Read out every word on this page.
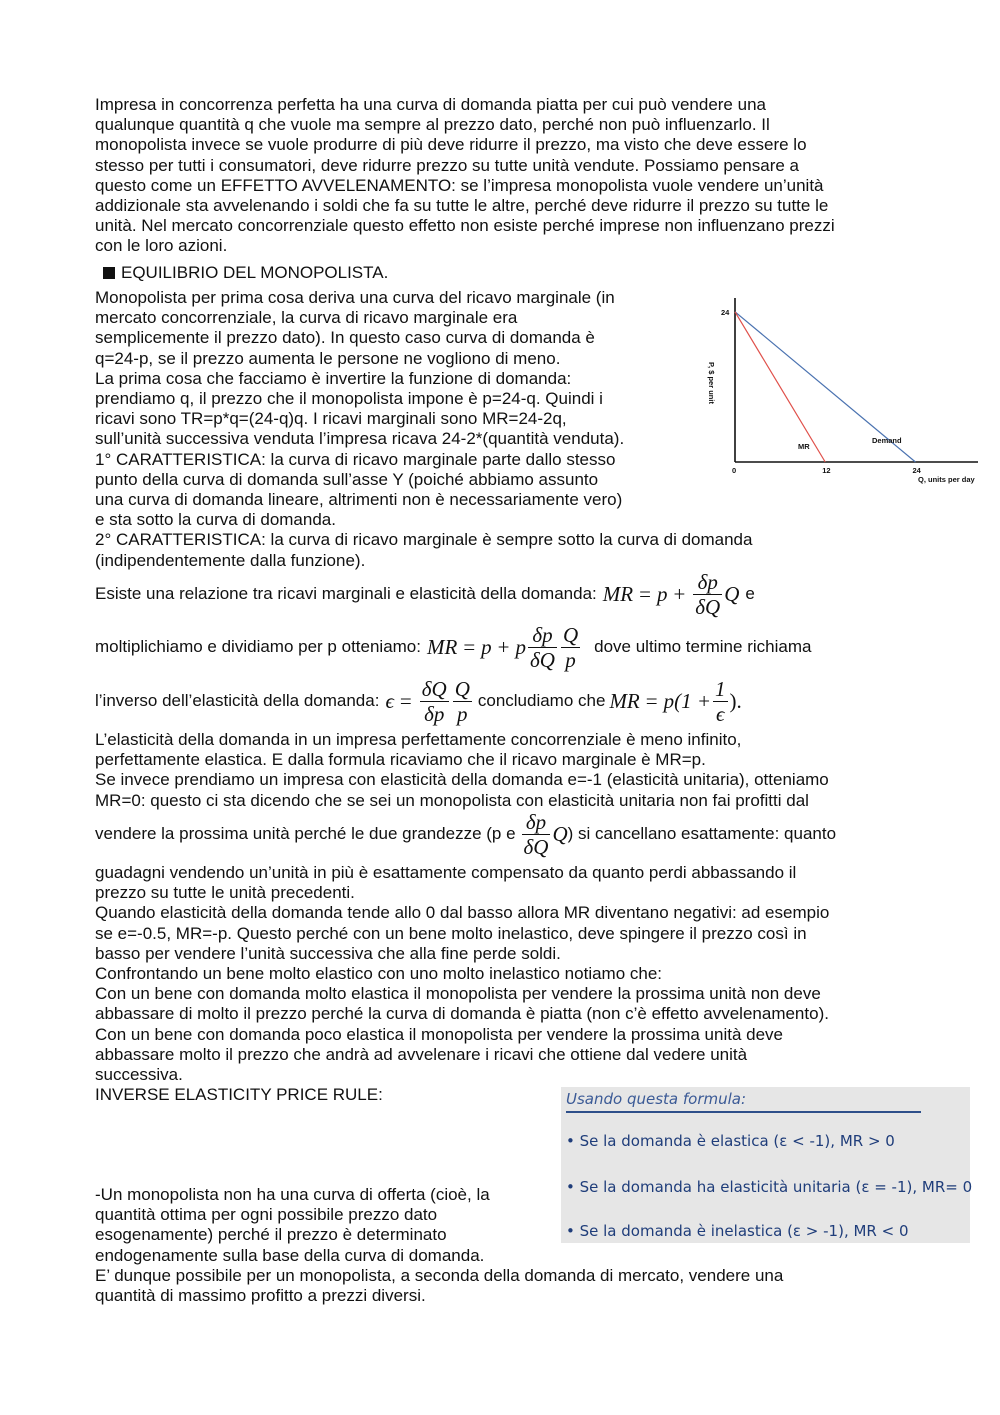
Impresa in concorrenza perfetta ha una curva di domanda piatta per cui può vendere una
qualunque quantità q che vuole ma sempre al prezzo dato, perché non può influenzarlo. Il
monopolista invece se vuole produrre di più deve ridurre il prezzo, ma visto che deve essere lo
stesso per tutti i consumatori, deve ridurre prezzo su tutte unità vendute. Possiamo pensare a
questo come un EFFETTO AVVELENAMENTO: se l’impresa monopolista vuole vendere un’unità
addizionale sta avvelenando i soldi che fa su tutte le altre, perché deve ridurre il prezzo su tutte le
unità. Nel mercato concorrenziale questo effetto non esiste perché imprese non influenzano prezzi
con le loro azioni.
EQUILIBRIO DEL MONOPOLISTA.
Monopolista per prima cosa deriva una curva del ricavo marginale (in
mercato concorrenziale, la curva di ricavo marginale era
semplicemente il prezzo dato). In questo caso curva di domanda è
q=24-p, se il prezzo aumenta le persone ne vogliono di meno.
La prima cosa che facciamo è invertire la funzione di domanda:
prendiamo q, il prezzo che il monopolista impone è p=24-q. Quindi i
ricavi sono TR=p*q=(24-q)q. I ricavi marginali sono MR=24-2q,
sull’unità successiva venduta l’impresa ricava 24-2*(quantità venduta).
1° CARATTERISTICA: la curva di ricavo marginale parte dallo stesso
punto della curva di domanda sull’asse Y (poiché abbiamo assunto
una curva di domanda lineare, altrimenti non è necessariamente vero)
e sta sotto la curva di domanda.
2° CARATTERISTICA: la curva di ricavo marginale è sempre sotto la curva di domanda
(indipendentemente dalla funzione).
0	12	24
24
Q, units per day
P, $ per unit
Demand
MR
Esiste una relazione tra ricavi marginali e elasticità della domanda: MR = $p + \frac{\delta p}{\delta Q}$ Q e
moltiplichiamo e dividiamo per p otteniamo: MR = p + p $\frac{\delta p}{\delta Q} \frac{Q}{p}$ dove ultimo termine richiama
l’inverso dell’elasticità della domanda: $\epsilon = \frac{\delta Q}{\delta p} \frac{Q}{p}$ concludiamo che MR = $p(1 + \frac{1}{\epsilon}$ ).
L’elasticità della domanda in un impresa perfettamente concorrenziale è meno infinito,
perfettamente elastica. E dalla formula ricaviamo che il ricavo marginale è MR=p.
Se invece prendiamo un impresa con elasticità della domanda e=-1 (elasticità unitaria), otteniamo
MR=0: questo ci sta dicendo che se sei un monopolista con elasticità unitaria non fai profitti dal
vendere la prossima unità perché le due grandezze (p e $\frac{\delta p}{\delta Q}$ Q ) si cancellano esattamente: quanto
guadagni vendendo un’unità in più è esattamente compensato da quanto perdi abbassando il
prezzo su tutte le unità precedenti.
Quando elasticità della domanda tende allo 0 dal basso allora MR diventano negativi: ad esempio
se e=-0.5, MR=-p. Questo perché con un bene molto inelastico, deve spingere il prezzo così in
basso per vendere l’unità successiva che alla fine perde soldi.
Confrontando un bene molto elastico con uno molto inelastico notiamo che:
Con un bene con domanda molto elastica il monopolista per vendere la prossima unità non deve
abbassare di molto il prezzo perché la curva di domanda è piatta (non c’è effetto avvelenamento).
Con un bene con domanda poco elastica il monopolista per vendere la prossima unità deve
abbassare molto il prezzo che andrà ad avvelenare i ricavi che ottiene dal vedere unità
successiva.
INVERSE ELASTICITY PRICE RULE:	Usando questa formula:
• Se la domanda è elastica (ε < -1), MR > 0
• Se la domanda ha elasticità unitaria (ε = -1), MR= 0
• Se la domanda è inelastica (ε > -1), MR < 0
-Un monopolista non ha una curva di offerta (cioè, la
quantità ottima per ogni possibile prezzo dato
esogenamente) perché il prezzo è determinato
endogenamente sulla base della curva di domanda.
E’ dunque possibile per un monopolista, a seconda della domanda di mercato, vendere una
quantità di massimo profitto a prezzi diversi.
